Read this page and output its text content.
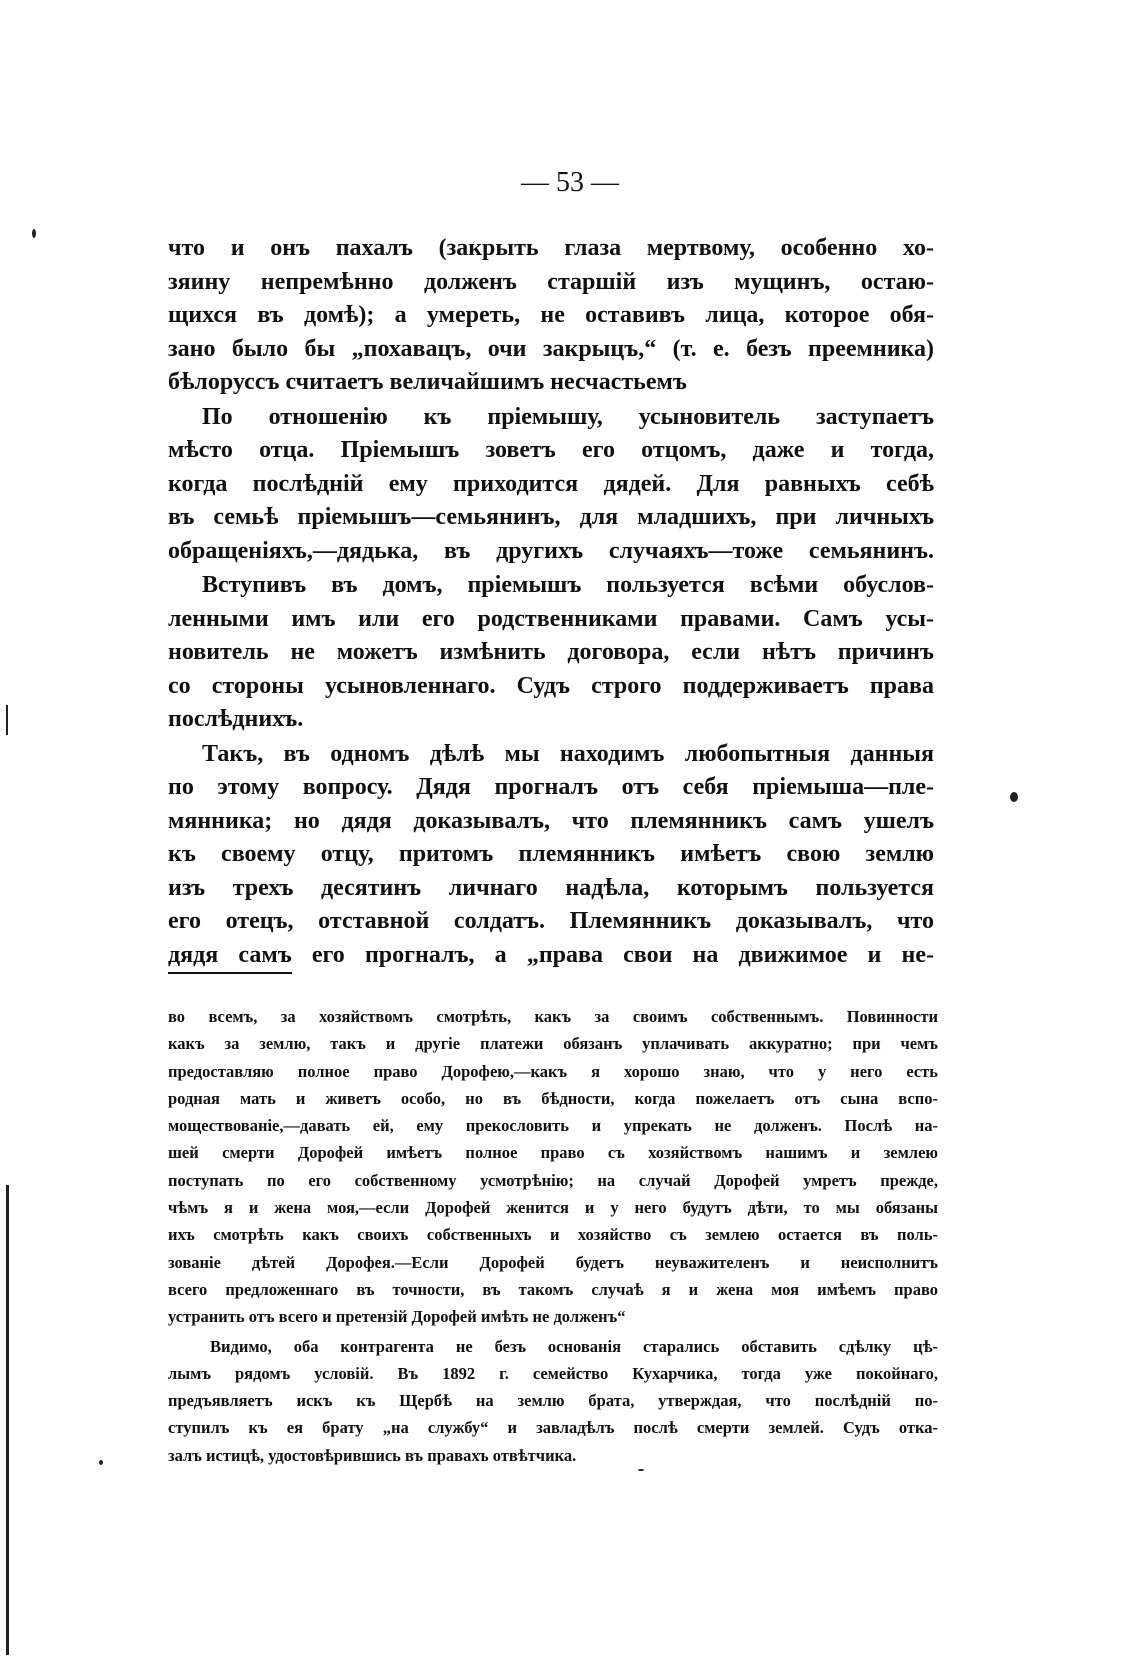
— 53 —
что и онъ пахалъ (закрыть глаза мертвому, особенно хо-
зяину непремѣнно долженъ старшій изъ мущинъ, остаю-
щихся въ домѣ); а умереть, не оставивъ лица, которое обя-
зано было бы „похавацъ, очи закрыцъ,“ (т. е. безъ преемника)
бѣлоруссъ считаетъ величайшимъ несчастьемъ
По отношенію къ пріемышу, усыновитель заступаетъ
мѣсто отца. Пріемышъ зоветъ его отцомъ, даже и тогда,
когда послѣдній ему приходится дядей. Для равныхъ себѣ
въ семьѣ пріемышъ—семьянинъ, для младшихъ, при личныхъ
обращеніяхъ,—дядька, въ другихъ случаяхъ—тоже семьянинъ.
Вступивъ въ домъ, пріемышъ пользуется всѣми обуслов-
ленными имъ или его родственниками правами. Самъ усы-
новитель не можетъ измѣнить договора, если нѣтъ причинъ
со стороны усыновленнаго. Судъ строго поддерживаетъ права
послѣднихъ.
Такъ, въ одномъ дѣлѣ мы находимъ любопытныя данныя
по этому вопросу. Дядя прогналъ отъ себя пріемыша—пле-
мянника; но дядя доказывалъ, что племянникъ самъ ушелъ
къ своему отцу, притомъ племянникъ имѣетъ свою землю
изъ трехъ десятинъ личнаго надѣла, которымъ пользуется
его отецъ, отставной солдатъ. Племянникъ доказывалъ, что
дядя самъ его прогналъ, а „права свои на движимое и не-
во всемъ, за хозяйствомъ смотрѣть, какъ за своимъ собственнымъ. Повинности
какъ за землю, такъ и другіе платежи обязанъ уплачивать аккуратно; при чемъ
предоставляю полное право Дорофею,—какъ я хорошо знаю, что у него есть
родная мать и живетъ особо, но въ бѣдности, когда пожелаетъ отъ сына вспо-
моществованіе,—давать ей, ему прекословить и упрекать не долженъ. Послѣ на-
шей смерти Дорофей имѣетъ полное право съ хозяйствомъ нашимъ и землею
поступать по его собственному усмотрѣнію; на случай Дорофей умретъ прежде,
чѣмъ я и жена моя,—если Дорофей женится и у него будутъ дѣти, то мы обязаны
ихъ смотрѣть какъ своихъ собственныхъ и хозяйство съ землею остается въ поль-
зованіе дѣтей Дорофея.—Если Дорофей будетъ неуважителенъ и неисполнитъ
всего предложеннаго въ точности, въ такомъ случаѣ я и жена моя имѣемъ право
устранить отъ всего и претензій Дорофей имѣть не долженъ“
Видимо, оба контрагента не безъ основанія старались обставить сдѣлку цѣ-
лымъ рядомъ условій. Въ 1892 г. семейство Кухарчика, тогда уже покойнаго,
предъявляетъ искъ къ Щербѣ на землю брата, утверждая, что послѣдній по-
ступилъ къ ея брату „на службу“ и завладѣлъ послѣ смерти землей. Судъ отка-
залъ истицѣ, удостовѣрившись въ правахъ отвѣтчика.
